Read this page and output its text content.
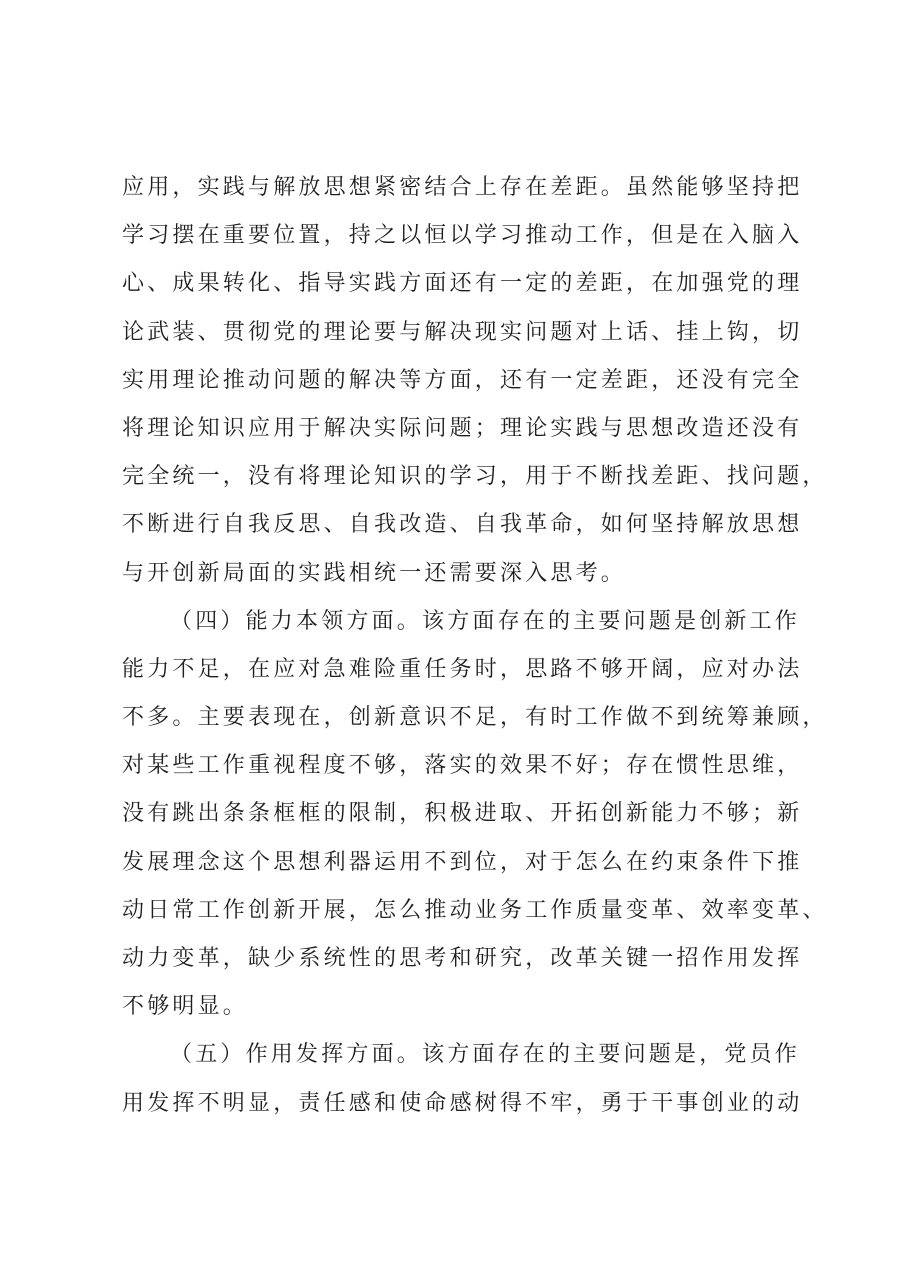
应用，实践与解放思想紧密结合上存在差距。虽然能够坚持把
学习摆在重要位置，持之以恒以学习推动工作，但是在入脑入
心、成果转化、指导实践方面还有一定的差距，在加强党的理
论武装、贯彻党的理论要与解决现实问题对上话、挂上钩，切
实用理论推动问题的解决等方面，还有一定差距，还没有完全
将理论知识应用于解决实际问题；理论实践与思想改造还没有
完全统一，没有将理论知识的学习，用于不断找差距、找问题，
不断进行自我反思、自我改造、自我革命，如何坚持解放思想
与开创新局面的实践相统一还需要深入思考。
（四）能力本领方面。该方面存在的主要问题是创新工作
能力不足，在应对急难险重任务时，思路不够开阔，应对办法
不多。主要表现在，创新意识不足，有时工作做不到统筹兼顾，
对某些工作重视程度不够，落实的效果不好；存在惯性思维，
没有跳出条条框框的限制，积极进取、开拓创新能力不够；新
发展理念这个思想利器运用不到位，对于怎么在约束条件下推
动日常工作创新开展，怎么推动业务工作质量变革、效率变革、
动力变革，缺少系统性的思考和研究，改革关键一招作用发挥
不够明显。
（五）作用发挥方面。该方面存在的主要问题是，党员作
用发挥不明显，责任感和使命感树得不牢，勇于干事创业的动
